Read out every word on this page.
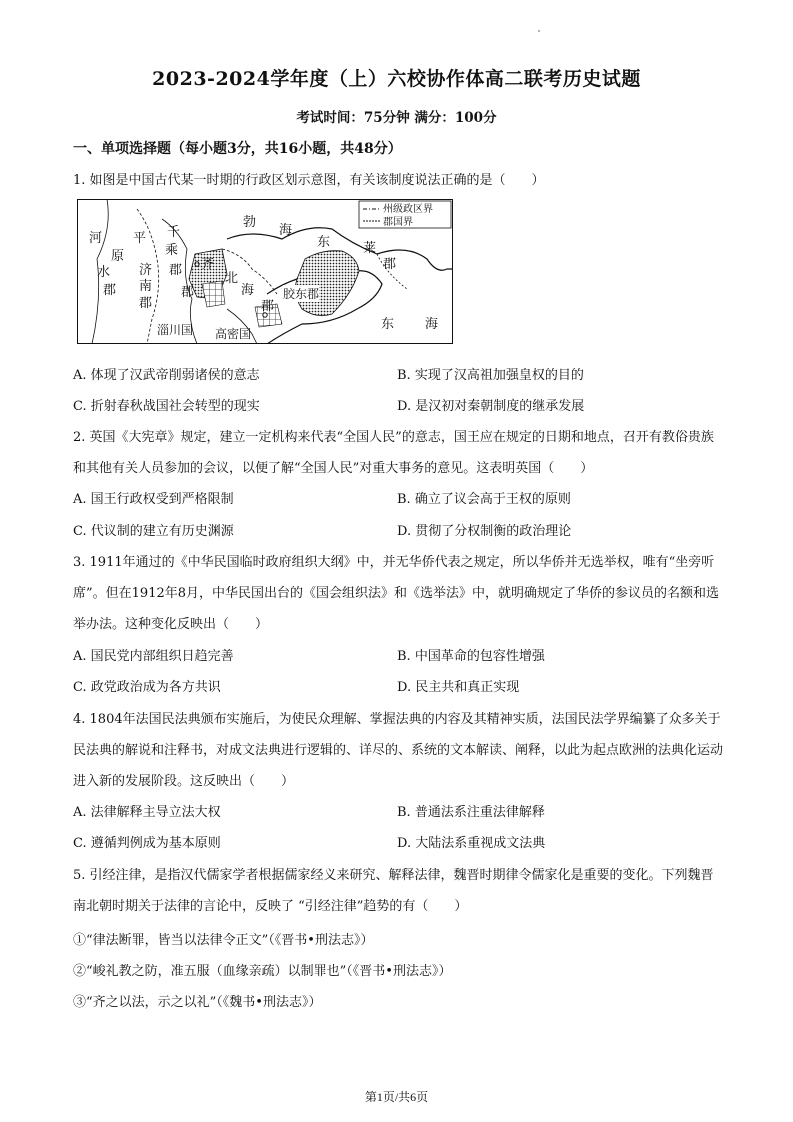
2023-2024学年度（上）六校协作体高二联考历史试题
考试时间：75分钟 满分：100分
一、单项选择题（每小题3分，共16小题，共48分）
1. 如图是中国古代某一时期的行政区划示意图，有关该制度说法正确的是（　　）
州级政区界
郡国界
勃
海
东	莱
郡
河
水
郡
平
原
千
乘
郡
济
南
郡
郡
齐
北
海
郡
胶东郡
淄川国 高密国
东 海
A. 体现了汉武帝削弱诸侯的意志	B. 实现了汉高祖加强皇权的目的
C. 折射春秋战国社会转型的现实	D. 是汉初对秦朝制度的继承发展
2. 英国《大宪章》规定，建立一定机构来代表“全国人民”的意志，国王应在规定的日期和地点，召开有教俗贵族和其他有关人员参加的会议，以便了解“全国人民”对重大事务的意见。这表明英国（　　）
A. 国王行政权受到严格限制	B. 确立了议会高于王权的原则
C. 代议制的建立有历史渊源	D. 贯彻了分权制衡的政治理论
3. 1911年通过的《中华民国临时政府组织大纲》中，并无华侨代表之规定，所以华侨并无选举权，唯有“坐旁听席”。但在1912年8月，中华民国出台的《国会组织法》和《选举法》中，就明确规定了华侨的参议员的名额和选举办法。这种变化反映出（　　）
A. 国民党内部组织日趋完善	B. 中国革命的包容性增强
C. 政党政治成为各方共识	D. 民主共和真正实现
4. 1804年法国民法典颁布实施后，为使民众理解、掌握法典的内容及其精神实质，法国民法学界编纂了众多关于民法典的解说和注释书，对成文法典进行逻辑的、详尽的、系统的文本解读、阐释，以此为起点欧洲的法典化运动进入新的发展阶段。这反映出（　　）
A. 法律解释主导立法大权	B. 普通法系注重法律解释
C. 遵循判例成为基本原则	D. 大陆法系重视成文法典
5. 引经注律，是指汉代儒家学者根据儒家经义来研究、解释法律，魏晋时期律令儒家化是重要的变化。下列魏晋南北朝时期关于法律的言论中，反映了 “引经注律”趋势的有（　　）
①“律法断罪，皆当以法律令正文”（《晋书•刑法志》）
②“峻礼教之防，准五服（血缘亲疏）以制罪也”（《晋书•刑法志》）
③“齐之以法，示之以礼”（《魏书•刑法志》）
第1页/共6页
